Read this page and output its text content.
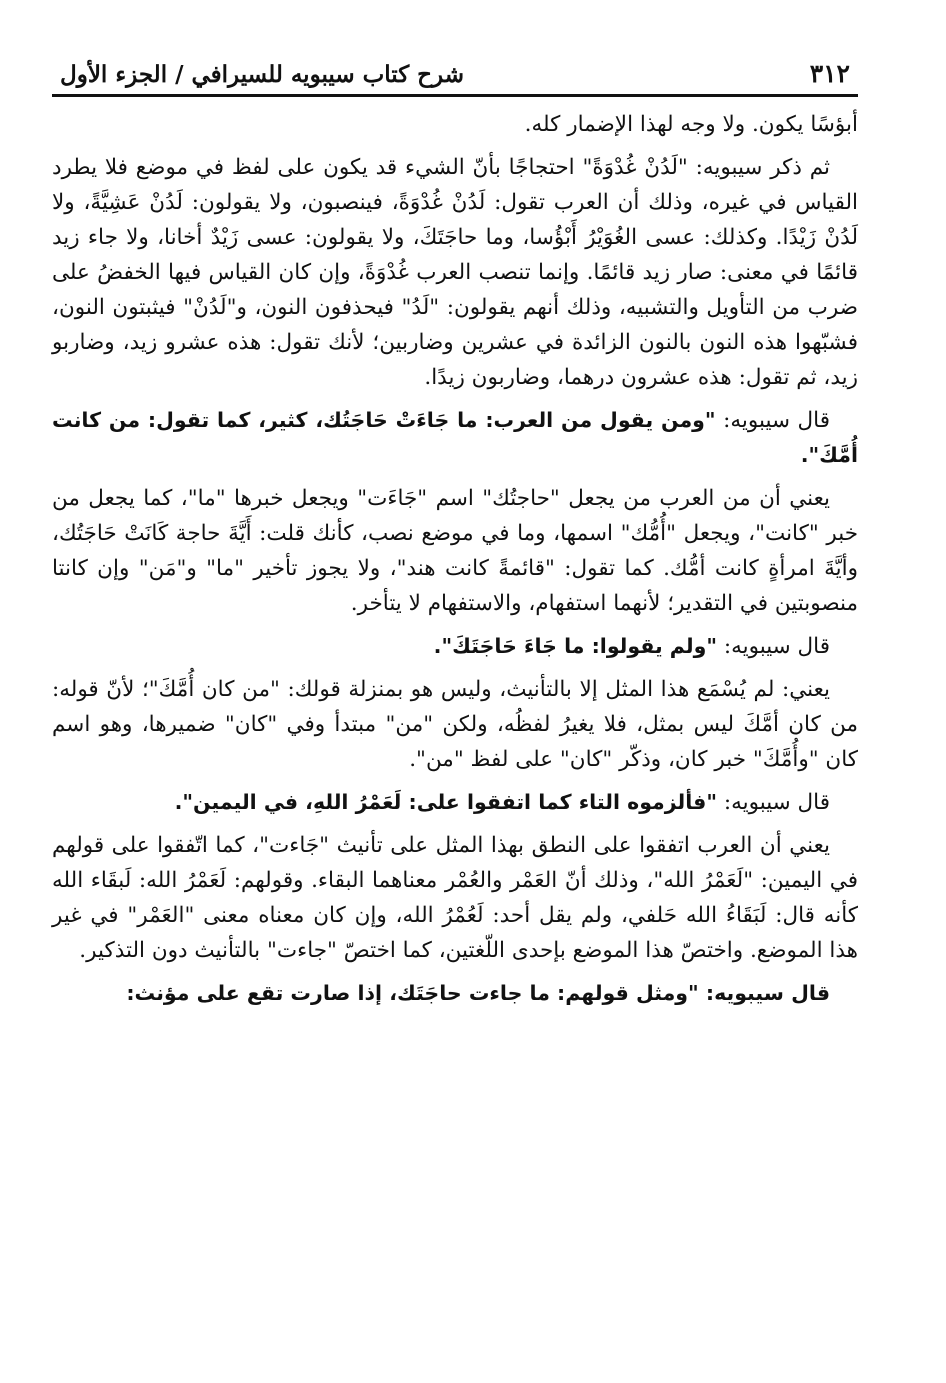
٣١٢
شرح كتاب سيبويه للسيرافي / الجزء الأول

أبؤسًا يكون. ولا وجه لهذا الإضمار كله.

ثم ذكر سيبويه: "لَدُنْ غُدْوَةً" احتجاجًا بأنّ الشيء قد يكون على لفظ في موضع فلا يطرد القياس في غيره، وذلك أن العرب تقول: لَدُنْ غُدْوَةً، فينصبون، ولا يقولون: لَدُنْ عَشِيَّةً، ولا لَدُنْ زَيْدًا. وكذلك: عسى الغُوَيْرُ أَبْؤُسا، وما حاجَتَكَ، ولا يقولون: عسى زَيْدٌ أخانا، ولا جاء زيد قائمًا في معنى: صار زيد قائمًا. وإنما تنصب العرب غُدْوَةً، وإن كان القياس فيها الخفضُ على ضرب من التأويل والتشبيه، وذلك أنهم يقولون: "لَدُ" فيحذفون النون، و"لَدُنْ" فيثبتون النون، فشبّهوا هذه النون بالنون الزائدة في عشرين وضاربين؛ لأنك تقول: هذه عشرو زيد، وضاربو زيد، ثم تقول: هذه عشرون درهما، وضاربون زيدًا.

قال سيبويه: "ومن يقول من العرب: ما جَاءَتْ حَاجَتُك، كثير، كما تقول: من كانت أُمَّكَ".

يعني أن من العرب من يجعل "حاجتُك" اسم "جَاءَت" ويجعل خبرها "ما"، كما يجعل من خبر "كانت"، ويجعل "أُمُّك" اسمها، وما في موضع نصب، كأنك قلت: أَيَّةَ حاجة كَانَتْ حَاجَتُك، وأيَّةَ امرأةٍ كانت أمُّك. كما تقول: "قائمةً كانت هند"، ولا يجوز تأخير "ما" و"مَن" وإن كانتا منصوبتين في التقدير؛ لأنهما استفهام، والاستفهام لا يتأخر.

قال سيبويه: "ولم يقولوا: ما جَاءَ حَاجَتَكَ".

يعني: لم يُسْمَع هذا المثل إلا بالتأنيث، وليس هو بمنزلة قولك: "من كان أُمَّكَ"؛ لأنّ قوله: من كان أمَّكَ ليس بمثل، فلا يغيرُ لفظُه، ولكن "من" مبتدأ وفي "كان" ضميرها، وهو اسم كان "وأُمَّكَ" خبر كان، وذكّر "كان" على لفظ "من".

قال سيبويه: "فألزموه التاء كما اتفقوا على: لَعَمْرُ اللهِ، في اليمين".

يعني أن العرب اتفقوا على النطق بهذا المثل على تأنيث "جَاءت"، كما اتّفقوا على قولهم في اليمين: "لَعَمْرُ الله"، وذلك أنّ العَمْر والعُمْر معناهما البقاء. وقولهم: لَعَمْرُ الله: لَبقَاء الله كأنه قال: لَبَقَاءُ الله حَلفي، ولم يقل أحد: لَعُمْرُ الله، وإن كان معناه معنى "العَمْر" في غير هذا الموضع. واختصّ هذا الموضع بإحدى اللّغتين، كما اختصّ "جاءت" بالتأنيث دون التذكير.

قال سيبويه: "ومثل قولهم: ما جاءت حاجَتَك، إذا صارت تقع على مؤنث:
